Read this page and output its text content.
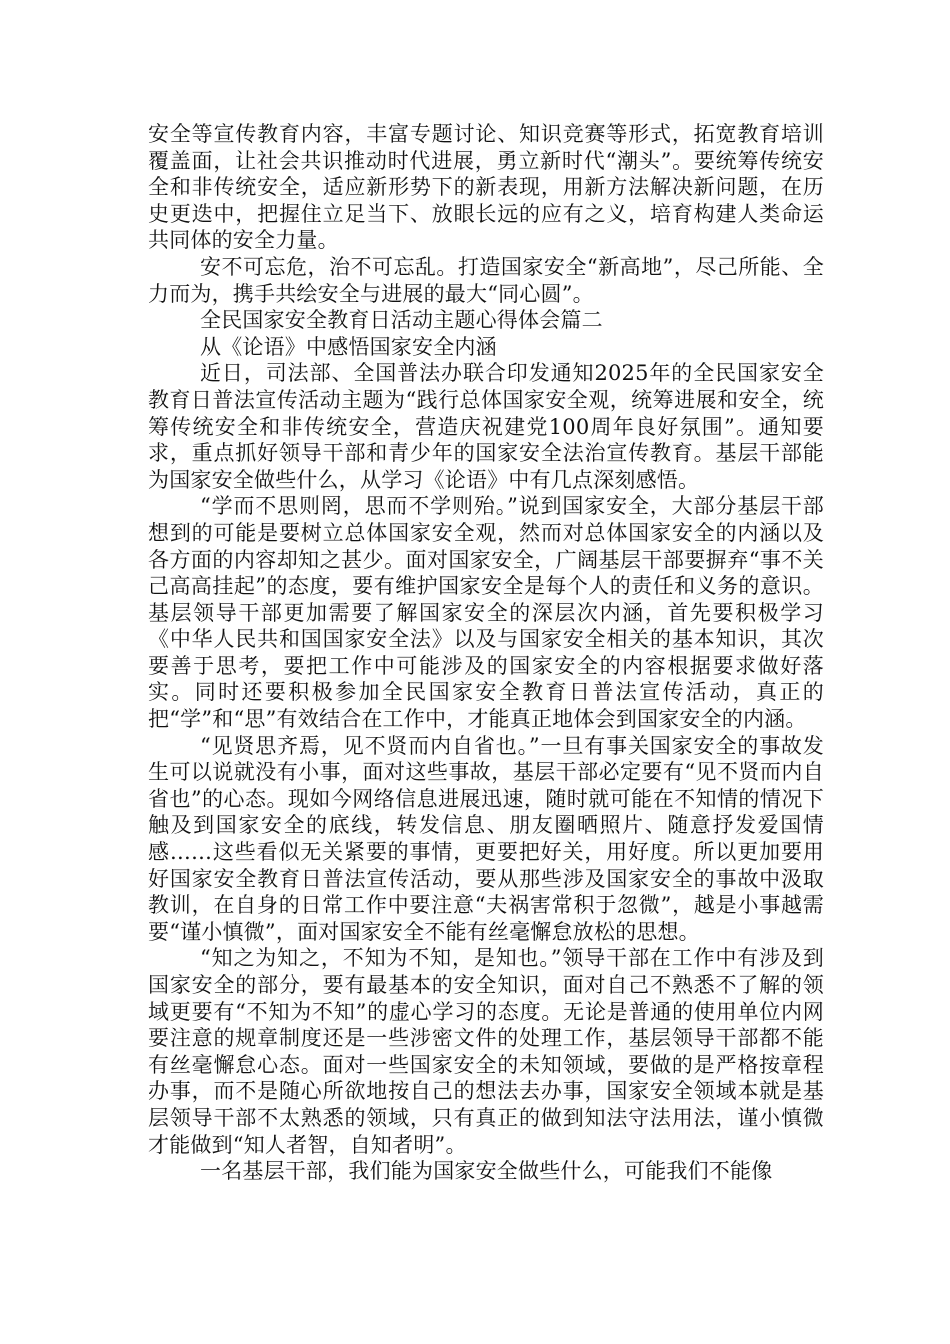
安全等宣传教育内容，丰富专题讨论、知识竞赛等形式，拓宽教育培训覆盖面，让社会共识推动时代进展，勇立新时代“潮头”。要统筹传统安全和非传统安全，适应新形势下的新表现，用新方法解决新问题，在历史更迭中，把握住立足当下、放眼长远的应有之义，培育构建人类命运共同体的安全力量。

安不可忘危，治不可忘乱。打造国家安全“新高地”，尽己所能、全力而为，携手共绘安全与进展的最大“同心圆”。

全民国家安全教育日活动主题心得体会篇二

从《论语》中感悟国家安全内涵

近日，司法部、全国普法办联合印发通知2025年的全民国家安全教育日普法宣传活动主题为“践行总体国家安全观，统筹进展和安全，统筹传统安全和非传统安全，营造庆祝建党100周年良好氛围”。通知要求，重点抓好领导干部和青少年的国家安全法治宣传教育。基层干部能为国家安全做些什么，从学习《论语》中有几点深刻感悟。

“学而不思则罔，思而不学则殆。”说到国家安全，大部分基层干部想到的可能是要树立总体国家安全观，然而对总体国家安全的内涵以及各方面的内容却知之甚少。面对国家安全，广阔基层干部要摒弃“事不关己高高挂起”的态度，要有维护国家安全是每个人的责任和义务的意识。基层领导干部更加需要了解国家安全的深层次内涵，首先要积极学习《中华人民共和国国家安全法》以及与国家安全相关的基本知识，其次要善于思考，要把工作中可能涉及的国家安全的内容根据要求做好落实。同时还要积极参加全民国家安全教育日普法宣传活动，真正的把“学”和“思”有效结合在工作中，才能真正地体会到国家安全的内涵。

“见贤思齐焉，见不贤而内自省也。”一旦有事关国家安全的事故发生可以说就没有小事，面对这些事故，基层干部必定要有“见不贤而内自省也”的心态。现如今网络信息进展迅速，随时就可能在不知情的情况下触及到国家安全的底线，转发信息、朋友圈晒照片、随意抒发爱国情感……这些看似无关紧要的事情，更要把好关，用好度。所以更加要用好国家安全教育日普法宣传活动，要从那些涉及国家安全的事故中汲取教训，在自身的日常工作中要注意“夫祸害常积于忽微”，越是小事越需要“谨小慎微”，面对国家安全不能有丝毫懈怠放松的思想。

“知之为知之，不知为不知，是知也。”领导干部在工作中有涉及到国家安全的部分，要有最基本的安全知识，面对自己不熟悉不了解的领域更要有“不知为不知”的虚心学习的态度。无论是普通的使用单位内网要注意的规章制度还是一些涉密文件的处理工作，基层领导干部都不能有丝毫懈怠心态。面对一些国家安全的未知领域，要做的是严格按章程办事，而不是随心所欲地按自己的想法去办事，国家安全领域本就是基层领导干部不太熟悉的领域，只有真正的做到知法守法用法，谨小慎微才能做到“知人者智，自知者明”。

一名基层干部，我们能为国家安全做些什么，可能我们不能像
